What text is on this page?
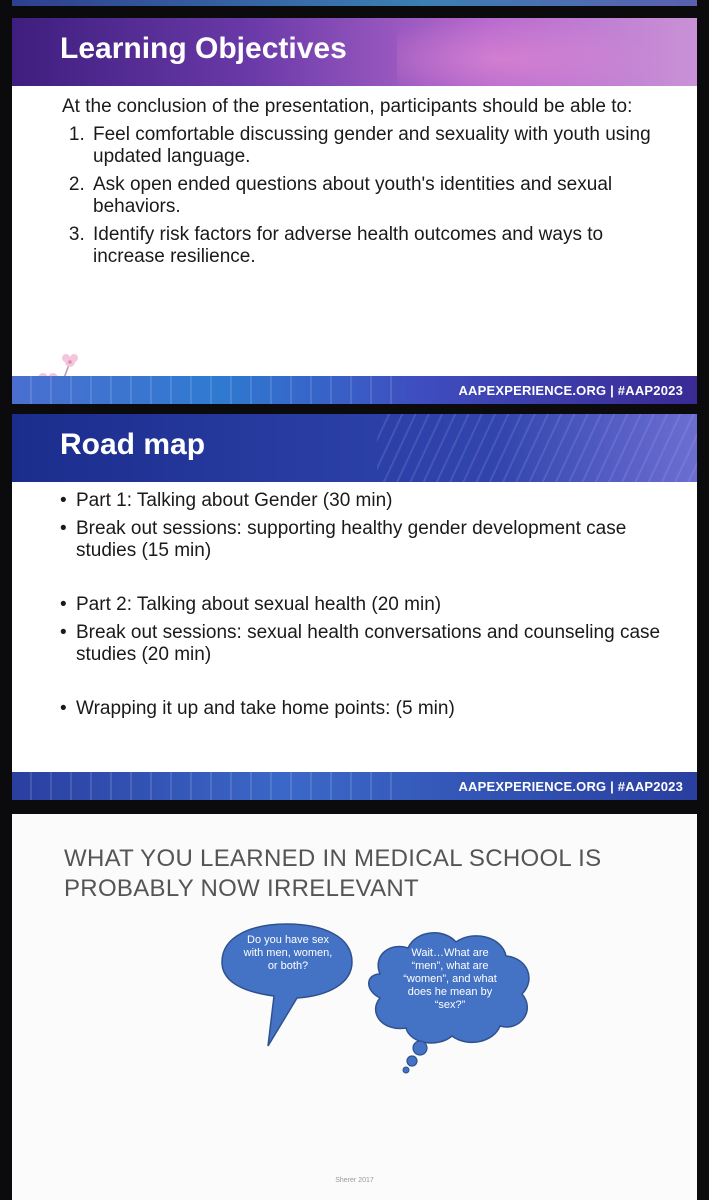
Learning Objectives

At the conclusion of the presentation, participants should be able to:

1. Feel comfortable discussing gender and sexuality with youth using updated language.
2. Ask open ended questions about youth's identities and sexual behaviors.
3. Identify risk factors for adverse health outcomes and ways to increase resilience.
AAPEXPERIENCE.ORG | #AAP2023
Road map
• Part 1: Talking about Gender (30 min)
• Break out sessions: supporting healthy gender development case studies (15 min)
• Part 2: Talking about sexual health (20 min)
• Break out sessions: sexual health conversations and counseling case studies (20 min)
• Wrapping it up and take home points: (5 min)
AAPEXPERIENCE.ORG | #AAP2023
WHAT YOU LEARNED IN MEDICAL SCHOOL IS PROBABLY NOW IRRELEVANT
Do you have sex with men, women, or both?
Wait…What are “men”, what are “women”, and what does he mean by “sex?”
Sherer 2017
